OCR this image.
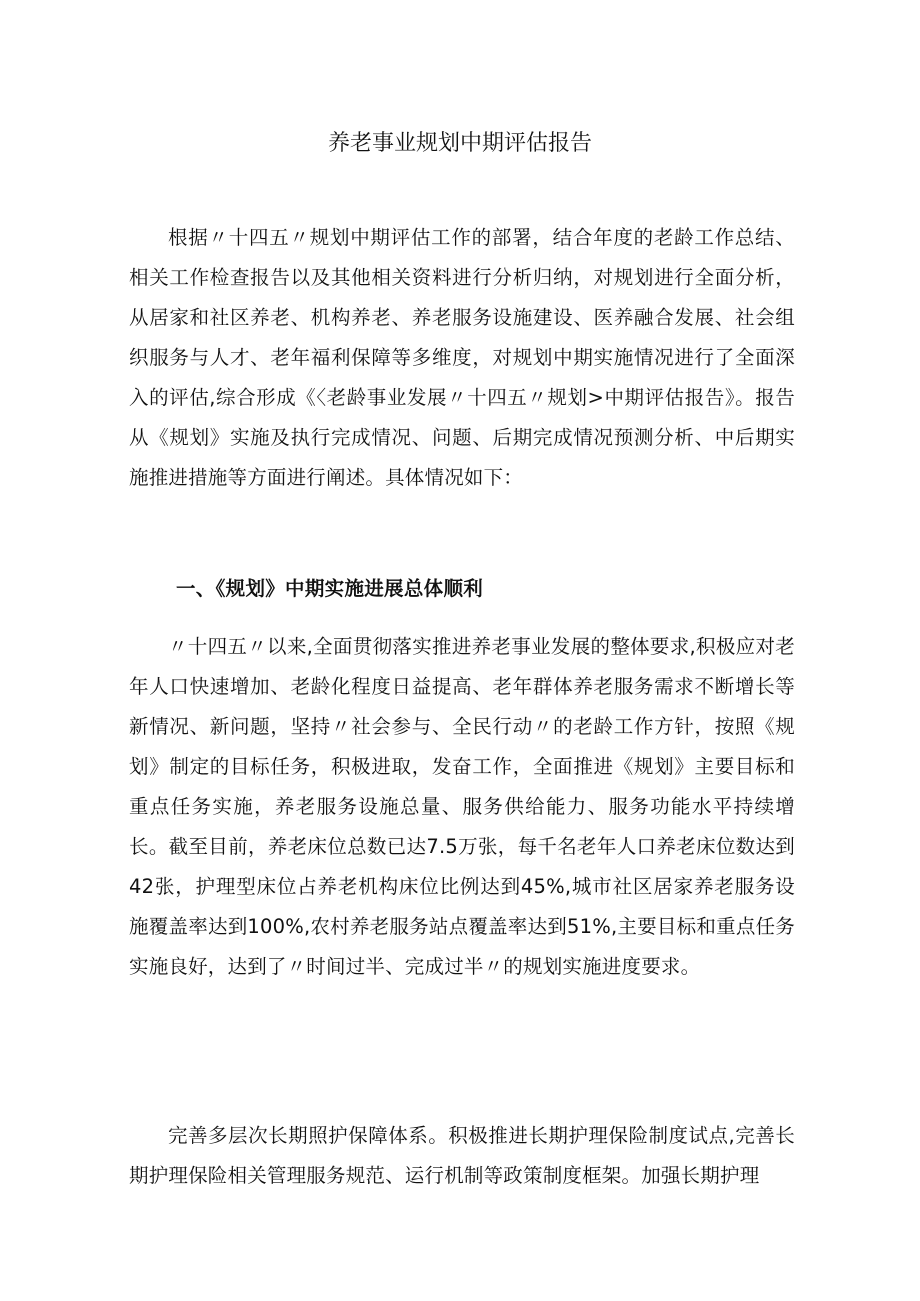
养老事业规划中期评估报告

根据〃十四五〃规划中期评估工作的部署，结合年度的老龄工作总结、相关工作检查报告以及其他相关资料进行分析归纳，对规划进行全面分析，从居家和社区养老、机构养老、养老服务设施建设、医养融合发展、社会组织服务与人才、老年福利保障等多维度，对规划中期实施情况进行了全面深入的评估,综合形成《〈老龄事业发展〃十四五〃规划>中期评估报告》。报告从《规划》实施及执行完成情况、问题、后期完成情况预测分析、中后期实施推进措施等方面进行阐述。具体情况如下：

一、《规划》中期实施进展总体顺利

〃十四五〃以来,全面贯彻落实推进养老事业发展的整体要求,积极应对老年人口快速增加、老龄化程度日益提高、老年群体养老服务需求不断增长等新情况、新问题，坚持〃社会参与、全民行动〃的老龄工作方针，按照《规划》制定的目标任务，积极进取，发奋工作，全面推进《规划》主要目标和重点任务实施，养老服务设施总量、服务供给能力、服务功能水平持续增长。截至目前，养老床位总数已达7.5万张，每千名老年人口养老床位数达到42张，护理型床位占养老机构床位比例达到45%,城市社区居家养老服务设施覆盖率达到100%,农村养老服务站点覆盖率达到51%,主要目标和重点任务实施良好，达到了〃时间过半、完成过半〃的规划实施进度要求。

完善多层次长期照护保障体系。积极推进长期护理保险制度试点,完善长期护理保险相关管理服务规范、运行机制等政策制度框架。加强长期护理
